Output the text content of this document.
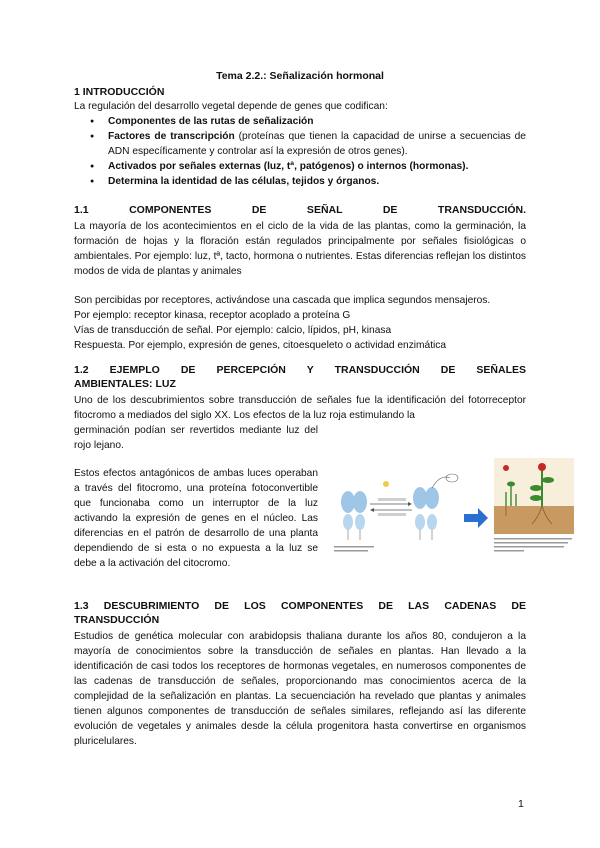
Tema 2.2.: Señalización hormonal
1 INTRODUCCIÓN
La regulación del desarrollo vegetal depende de genes que codifican:
● Componentes de las rutas de señalización
● Factores de transcripción (proteínas que tienen la capacidad de unirse a secuencias de ADN específicamente y controlar así la expresión de otros genes).
● Activados por señales externas (luz, tª, patógenos) o internos (hormonas).
● Determina la identidad de las células, tejidos y órganos.
1.1 COMPONENTES DE SEÑAL DE TRANSDUCCIÓN.
La mayoría de los acontecimientos en el ciclo de la vida de las plantas, como la germinación, la formación de hojas y la floración están regulados principalmente por señales fisiológicas o ambientales. Por ejemplo: luz, tª, tacto, hormona o nutrientes. Estas diferencias reflejan los distintos modos de vida de plantas y animales
Son percibidas por receptores, activándose una cascada que implica segundos mensajeros.
Por ejemplo: receptor kinasa, receptor acoplado a proteína G
Vías de transducción de señal. Por ejemplo: calcio, lípidos, pH, kinasa
Respuesta. Por ejemplo, expresión de genes, citoesqueleto o actividad enzimática
1.2 EJEMPLO DE PERCEPCIÓN Y TRANSDUCCIÓN DE SEÑALES
AMBIENTALES: LUZ
Uno de los descubrimientos sobre transducción de señales fue la identificación del fotorreceptor fitocromo a mediados del siglo XX. Los efectos de la luz roja estimulando la
germinación podían ser revertidos mediante luz del rojo lejano.
Estos efectos antagónicos de ambas luces operaban a través del fitocromo, una proteína fotoconvertible que funcionaba como un interruptor de la luz activando la expresión de genes en el núcleo. Las diferencias en el patrón de desarrollo de una planta dependiendo de si esta o no expuesta a la luz se debe a la activación del citocromo.
1.3 DESCUBRIMIENTO DE LOS COMPONENTES DE LAS CADENAS DE
TRANSDUCCIÓN
Estudios de genética molecular con arabidopsis thaliana durante los años 80, condujeron a la mayoría de conocimientos sobre la transducción de señales en plantas. Han llevado a la identificación de casi todos los receptores de hormonas vegetales, en numerosos componentes de las cadenas de transducción de señales, proporcionando mas conocimientos acerca de la complejidad de la señalización en plantas. La secuenciación ha revelado que plantas y animales tienen algunos componentes de transducción de señales similares, reflejando así las diferente evolución de vegetales y animales desde la célula progenitora hasta convertirse en organismos pluricelulares.
1
